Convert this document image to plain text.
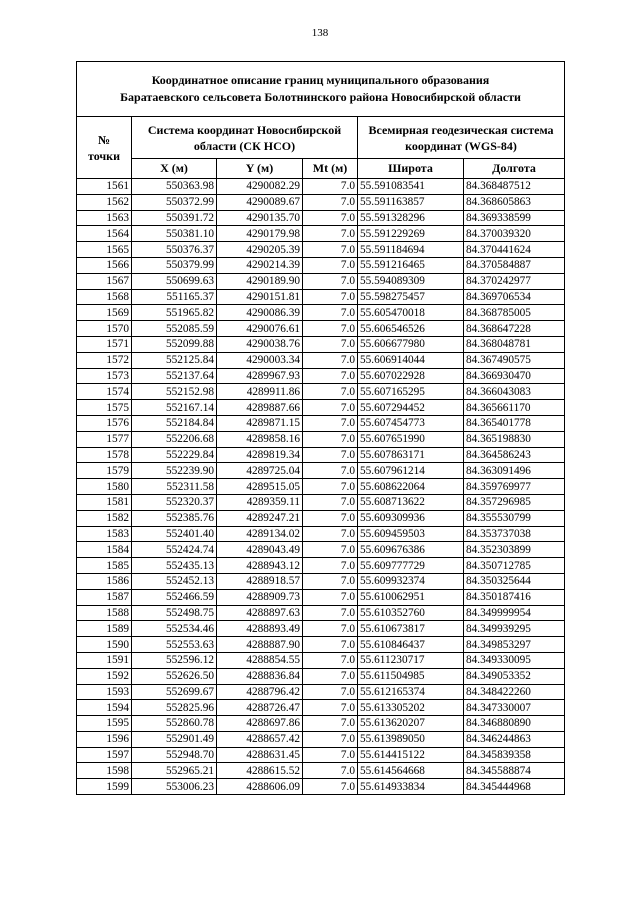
138
Координатное описание границ муниципального образования
Баратаевского сельсовета Болотнинского района Новосибирской области					

№
точки	Система координат Новосибирской области (СК НСО)			Всемирная геодезическая система координат (WGS-84)	
	X (м)	Y (м)	Mt (м)	Широта	Долгота
1561	550363.98	4290082.29	7.0	55.591083541	84.368487512
1562	550372.99	4290089.67	7.0	55.591163857	84.368605863
1563	550391.72	4290135.70	7.0	55.591328296	84.369338599
1564	550381.10	4290179.98	7.0	55.591229269	84.370039320
1565	550376.37	4290205.39	7.0	55.591184694	84.370441624
1566	550379.99	4290214.39	7.0	55.591216465	84.370584887
1567	550699.63	4290189.90	7.0	55.594089309	84.370242977
1568	551165.37	4290151.81	7.0	55.598275457	84.369706534
1569	551965.82	4290086.39	7.0	55.605470018	84.368785005
1570	552085.59	4290076.61	7.0	55.606546526	84.368647228
1571	552099.88	4290038.76	7.0	55.606677980	84.368048781
1572	552125.84	4290003.34	7.0	55.606914044	84.367490575
1573	552137.64	4289967.93	7.0	55.607022928	84.366930470
1574	552152.98	4289911.86	7.0	55.607165295	84.366043083
1575	552167.14	4289887.66	7.0	55.607294452	84.365661170
1576	552184.84	4289871.15	7.0	55.607454773	84.365401778
1577	552206.68	4289858.16	7.0	55.607651990	84.365198830
1578	552229.84	4289819.34	7.0	55.607863171	84.364586243
1579	552239.90	4289725.04	7.0	55.607961214	84.363091496
1580	552311.58	4289515.05	7.0	55.608622064	84.359769977
1581	552320.37	4289359.11	7.0	55.608713622	84.357296985
1582	552385.76	4289247.21	7.0	55.609309936	84.355530799
1583	552401.40	4289134.02	7.0	55.609459503	84.353737038
1584	552424.74	4289043.49	7.0	55.609676386	84.352303899
1585	552435.13	4288943.12	7.0	55.609777729	84.350712785
1586	552452.13	4288918.57	7.0	55.609932374	84.350325644
1587	552466.59	4288909.73	7.0	55.610062951	84.350187416
1588	552498.75	4288897.63	7.0	55.610352760	84.349999954
1589	552534.46	4288893.49	7.0	55.610673817	84.349939295
1590	552553.63	4288887.90	7.0	55.610846437	84.349853297
1591	552596.12	4288854.55	7.0	55.611230717	84.349330095
1592	552626.50	4288836.84	7.0	55.611504985	84.349053352
1593	552699.67	4288796.42	7.0	55.612165374	84.348422260
1594	552825.96	4288726.47	7.0	55.613305202	84.347330007
1595	552860.78	4288697.86	7.0	55.613620207	84.346880890
1596	552901.49	4288657.42	7.0	55.613989050	84.346244863
1597	552948.70	4288631.45	7.0	55.614415122	84.345839358
1598	552965.21	4288615.52	7.0	55.614564668	84.345588874
1599	553006.23	4288606.09	7.0	55.614933834	84.345444968
